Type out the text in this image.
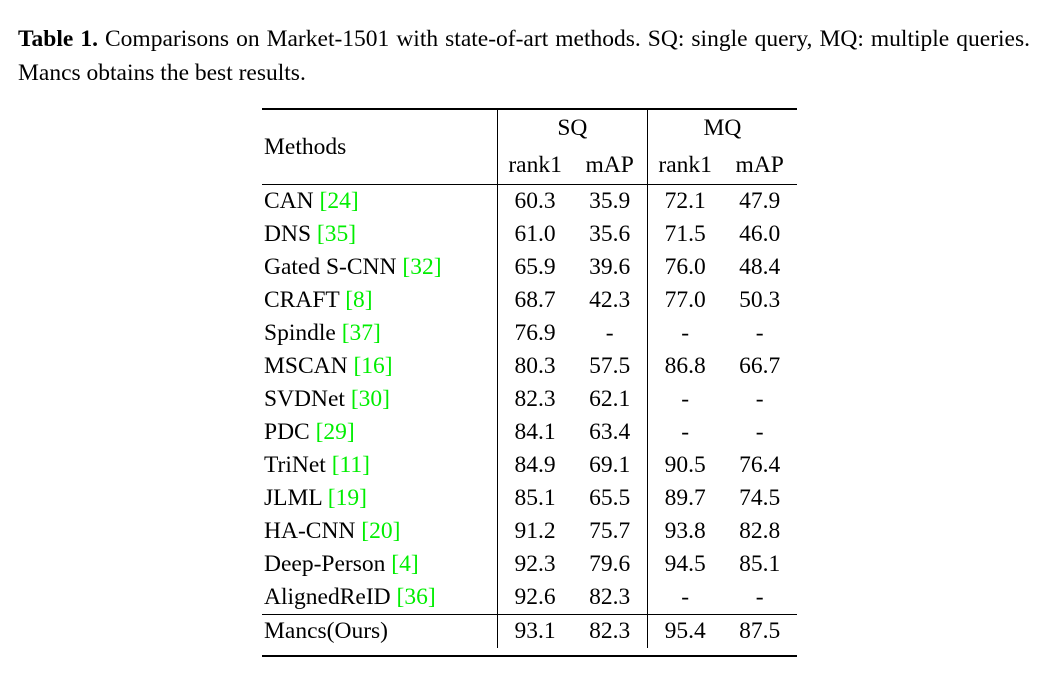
Table 1. Comparisons on Market-1501 with state-of-art methods. SQ: single query, MQ: multiple queries. Mancs obtains the best results.
Methods	SQ		MQ	
	rank1	mAP	rank1	mAP
CAN [24]	60.3	35.9	72.1	47.9
DNS [35]	61.0	35.6	71.5	46.0
Gated S-CNN [32]	65.9	39.6	76.0	48.4
CRAFT [8]	68.7	42.3	77.0	50.3
Spindle [37]	76.9	-	-	-
MSCAN [16]	80.3	57.5	86.8	66.7
SVDNet [30]	82.3	62.1	-	-
PDC [29]	84.1	63.4	-	-
TriNet [11]	84.9	69.1	90.5	76.4
JLML [19]	85.1	65.5	89.7	74.5
HA-CNN [20]	91.2	75.7	93.8	82.8
Deep-Person [4]	92.3	79.6	94.5	85.1
AlignedReID [36]	92.6	82.3	-	-
Mancs(Ours)	93.1	82.3	95.4	87.5
